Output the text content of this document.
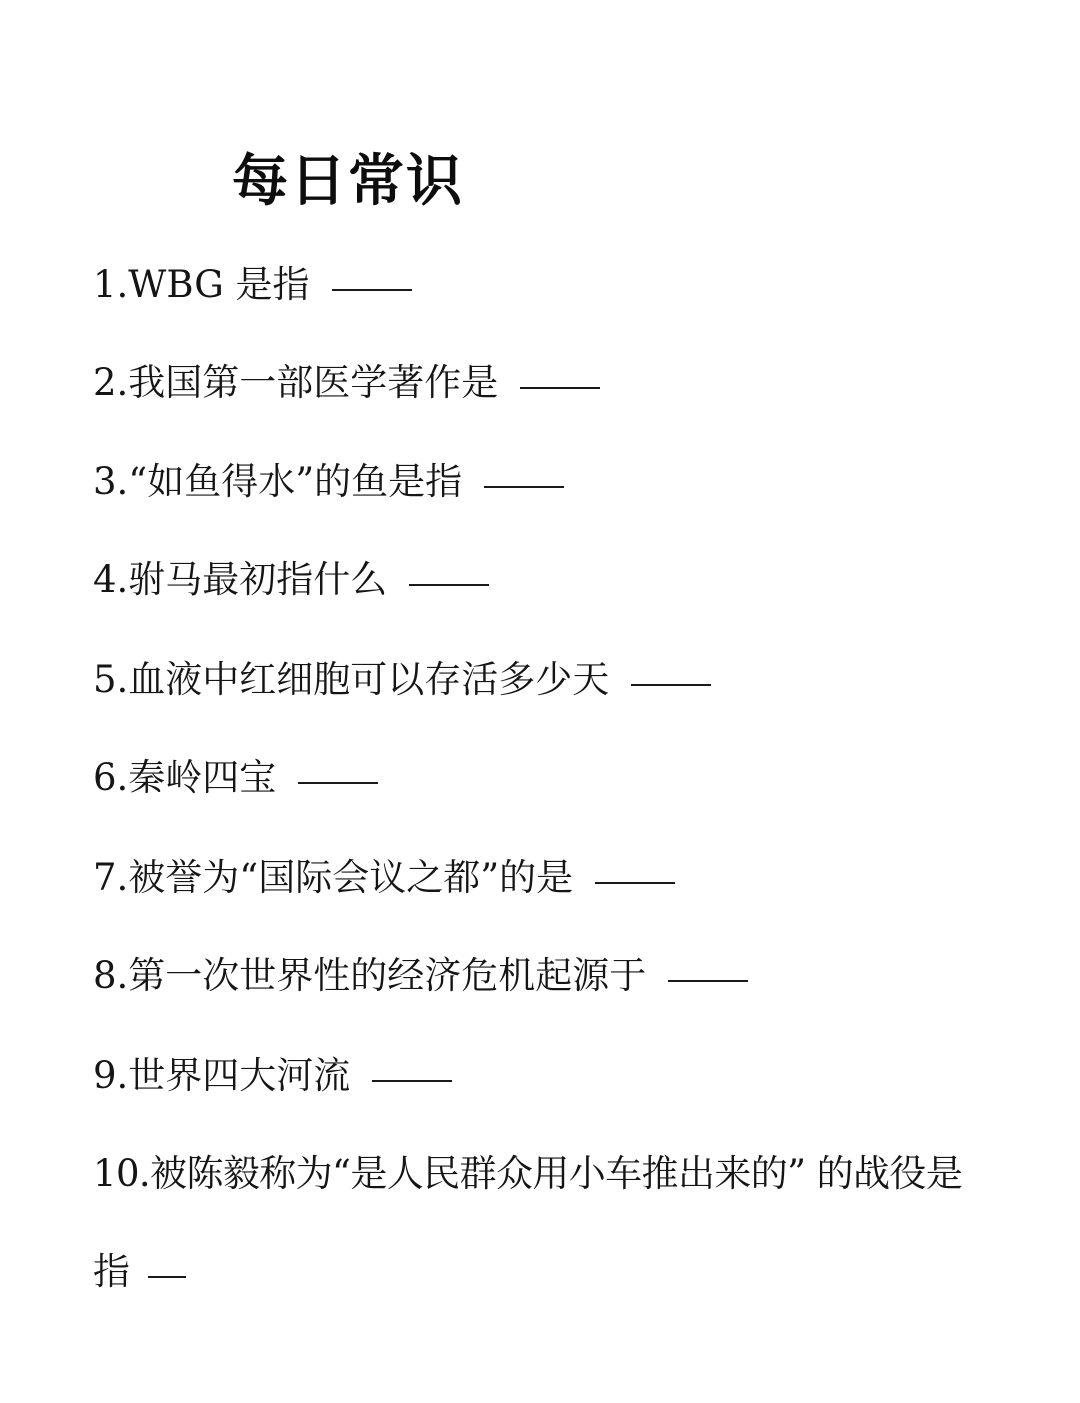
每日常识

1.WBG 是指

2.我国第一部医学著作是

3.“如鱼得水”的鱼是指

4.驸马最初指什么

5.血液中红细胞可以存活多少天

6.秦岭四宝

7.被誉为“国际会议之都”的是

8.第一次世界性的经济危机起源于

9.世界四大河流

10.被陈毅称为“是人民群众用小车推出来的” 的战役是

指
